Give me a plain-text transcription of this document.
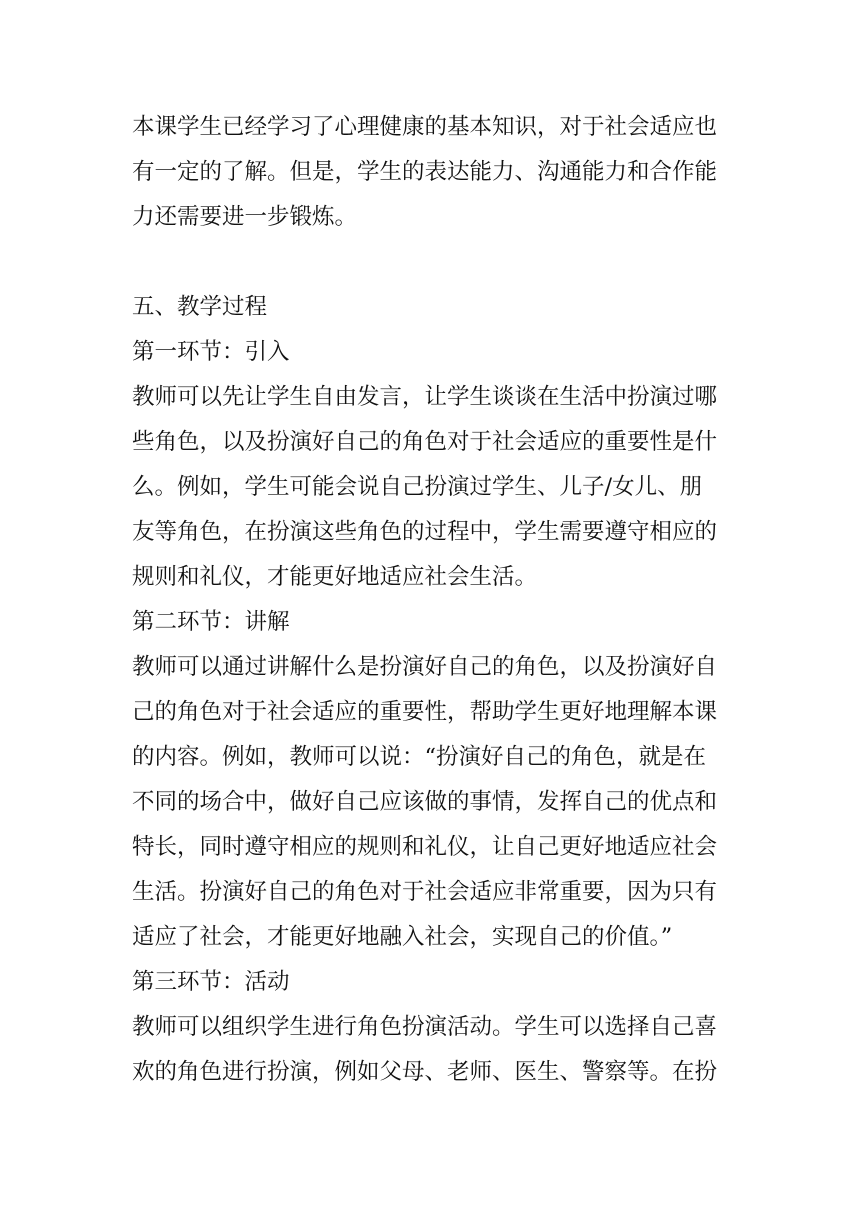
本课学生已经学习了心理健康的基本知识，对于社会适应也
有一定的了解。但是，学生的表达能力、沟通能力和合作能
力还需要进一步锻炼。
五、教学过程
第一环节：引入
教师可以先让学生自由发言，让学生谈谈在生活中扮演过哪
些角色，以及扮演好自己的角色对于社会适应的重要性是什
么。例如，学生可能会说自己扮演过学生、儿子/女儿、朋
友等角色，在扮演这些角色的过程中，学生需要遵守相应的
规则和礼仪，才能更好地适应社会生活。
第二环节：讲解
教师可以通过讲解什么是扮演好自己的角色，以及扮演好自
己的角色对于社会适应的重要性，帮助学生更好地理解本课
的内容。例如，教师可以说：“扮演好自己的角色，就是在
不同的场合中，做好自己应该做的事情，发挥自己的优点和
特长，同时遵守相应的规则和礼仪，让自己更好地适应社会
生活。扮演好自己的角色对于社会适应非常重要，因为只有
适应了社会，才能更好地融入社会，实现自己的价值。”
第三环节：活动
教师可以组织学生进行角色扮演活动。学生可以选择自己喜
欢的角色进行扮演，例如父母、老师、医生、警察等。在扮
